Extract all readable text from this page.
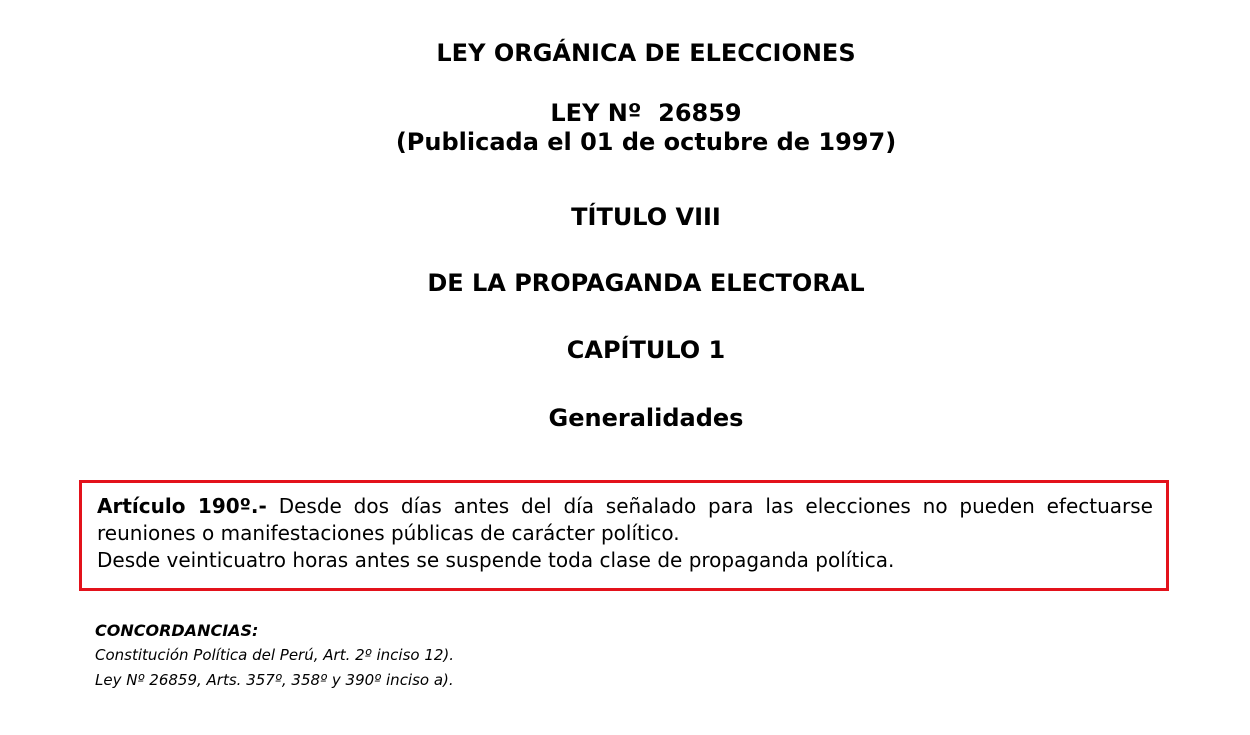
LEY ORGÁNICA DE ELECCIONES
LEY Nº  26859
(Publicada el 01 de octubre de 1997)
TÍTULO VIII
DE LA PROPAGANDA ELECTORAL
CAPÍTULO 1
Generalidades

Artículo 190º.- Desde dos días antes del día señalado para las elecciones no pueden efectuarse reuniones o manifestaciones públicas de carácter político.

Desde veinticuatro horas antes se suspende toda clase de propaganda política.

CONCORDANCIAS:

Constitución Política del Perú, Art. 2º inciso 12).

Ley Nº 26859, Arts. 357º, 358º y 390º inciso a).
